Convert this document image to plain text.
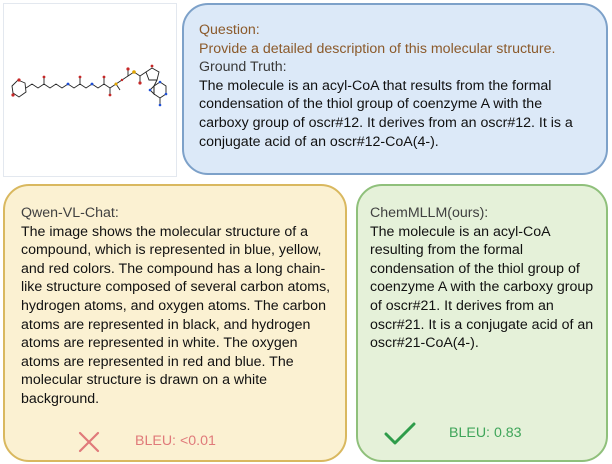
Question:

Provide a detailed description of this molecular structure.

Ground Truth:

The molecule is an acyl-CoA that results from the formal condensation of the thiol group of coenzyme A with the carboxy group of oscr#12. It derives from an oscr#12. It is a conjugate acid of an oscr#12-CoA(4-).

Qwen-VL-Chat:

The image shows the molecular structure of a compound, which is represented in blue, yellow, and red colors. The compound has a long chain-like structure composed of several carbon atoms, hydrogen atoms, and oxygen atoms. The carbon atoms are represented in black, and hydrogen atoms are represented in white. The oxygen atoms are represented in red and blue. The molecular structure is drawn on a white background.

ChemMLLM(ours):

The molecule is an acyl-CoA resulting from the formal condensation of the thiol group of coenzyme A with the carboxy group of oscr#21. It derives from an oscr#21. It is a conjugate acid of an oscr#21-CoA(4-).

BLEU: <0.01	BLEU: 0.83
